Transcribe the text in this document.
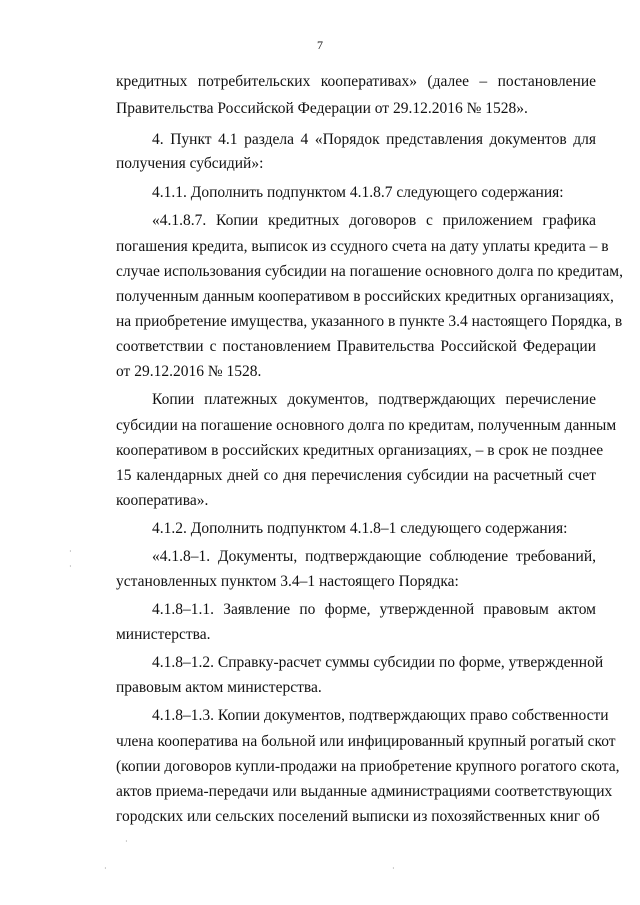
7
кредитных потребительских кооперативах» (далее – постановление
Правительства Российской Федерации от 29.12.2016 № 1528».
4. Пункт 4.1 раздела 4 «Порядок представления документов для
получения субсидий»:
4.1.1. Дополнить подпунктом 4.1.8.7 следующего содержания:
«4.1.8.7. Копии кредитных договоров с приложением графика
погашения кредита, выписок из ссудного счета на дату уплаты кредита – в
случае использования субсидии на погашение основного долга по кредитам,
полученным данным кооперативом в российских кредитных организациях,
на приобретение имущества, указанного в пункте 3.4 настоящего Порядка, в
соответствии с постановлением Правительства Российской Федерации
от 29.12.2016 № 1528.
Копии платежных документов, подтверждающих перечисление
субсидии на погашение основного долга по кредитам, полученным данным
кооперативом в российских кредитных организациях, – в срок не позднее
15 календарных дней со дня перечисления субсидии на расчетный счет
кооператива».
4.1.2. Дополнить подпунктом 4.1.8–1 следующего содержания:
«4.1.8–1. Документы, подтверждающие соблюдение требований,
установленных пунктом 3.4–1 настоящего Порядка:
4.1.8–1.1. Заявление по форме, утвержденной правовым актом
министерства.
4.1.8–1.2. Справку-расчет суммы субсидии по форме, утвержденной
правовым актом министерства.
4.1.8–1.3. Копии документов, подтверждающих право собственности
члена кооператива на больной или инфицированный крупный рогатый скот
(копии договоров купли-продажи на приобретение крупного рогатого скота,
актов приема-передачи или выданные администрациями соответствующих
городских или сельских поселений выписки из похозяйственных книг об
·
·
·
·	·
